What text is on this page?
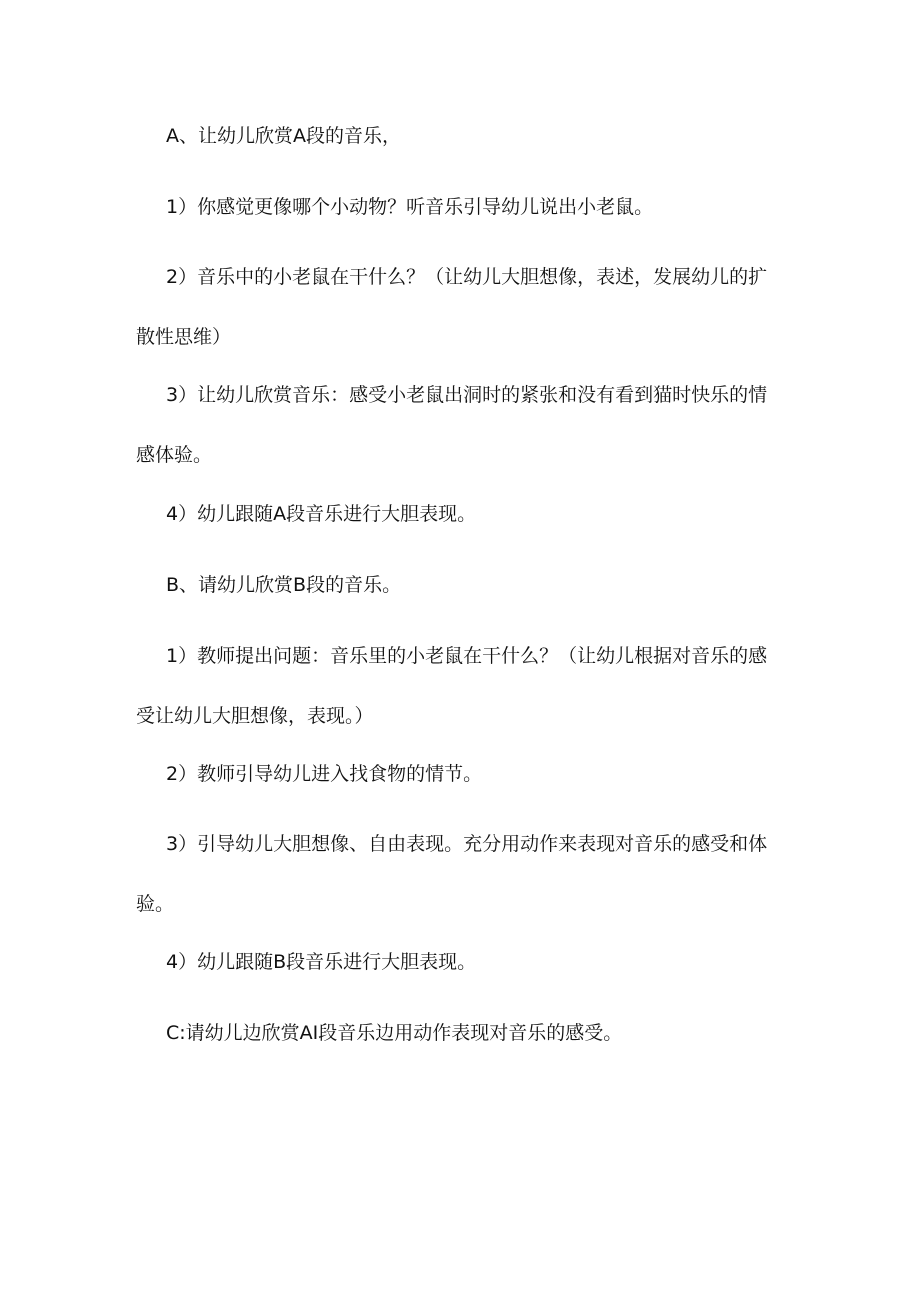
A、让幼儿欣赏A段的音乐，

1）你感觉更像哪个小动物？听音乐引导幼儿说出小老鼠。

2）音乐中的小老鼠在干什么？（让幼儿大胆想像，表述，发展幼儿的扩散性思维）

3）让幼儿欣赏音乐：感受小老鼠出洞时的紧张和没有看到猫时快乐的情感体验。

4）幼儿跟随A段音乐进行大胆表现。

B、请幼儿欣赏B段的音乐。

1）教师提出问题：音乐里的小老鼠在干什么？（让幼儿根据对音乐的感受让幼儿大胆想像，表现。）

2）教师引导幼儿进入找食物的情节。

3）引导幼儿大胆想像、自由表现。充分用动作来表现对音乐的感受和体验。

4）幼儿跟随B段音乐进行大胆表现。

C:请幼儿边欣赏AI段音乐边用动作表现对音乐的感受。
